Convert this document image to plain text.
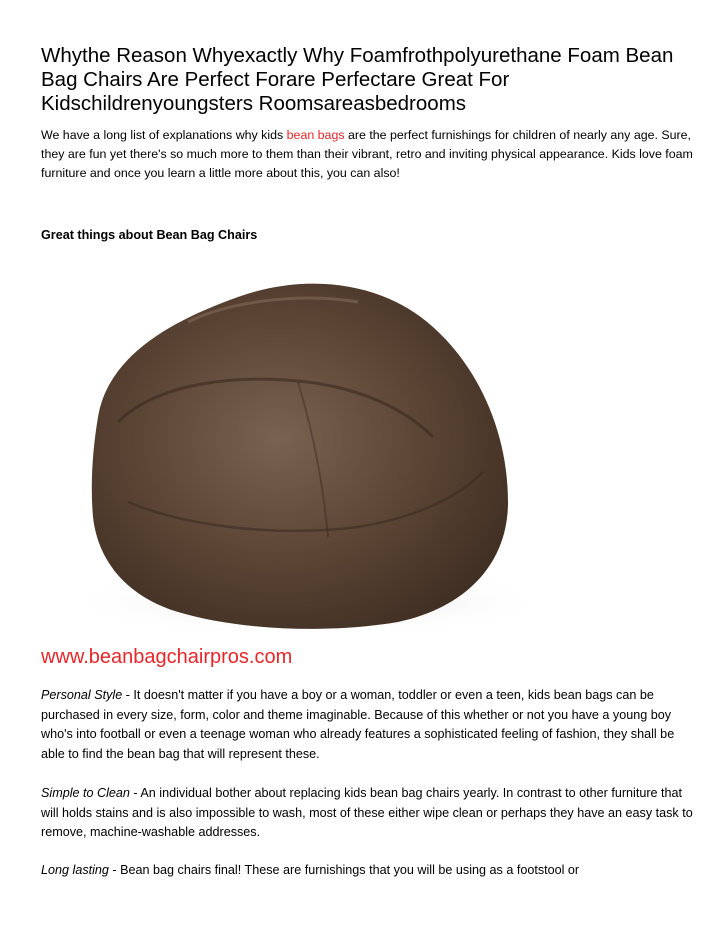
Whythe Reason Whyexactly Why Foamfrothpolyurethane Foam Bean Bag Chairs Are Perfect Forare Perfectare Great For Kidschildrenyoungsters Roomsareasbedrooms

We have a long list of explanations why kids bean bags are the perfect furnishings for children of nearly any age. Sure, they are fun yet there's so much more to them than their vibrant, retro and inviting physical appearance. Kids love foam furniture and once you learn a little more about this, you can also!

Great things about Bean Bag Chairs

www.beanbagchairpros.com

Personal Style - It doesn't matter if you have a boy or a woman, toddler or even a teen, kids bean bags can be purchased in every size, form, color and theme imaginable. Because of this whether or not you have a young boy who's into football or even a teenage woman who already features a sophisticated feeling of fashion, they shall be able to find the bean bag that will represent these.

Simple to Clean - An individual bother about replacing kids bean bag chairs yearly. In contrast to other furniture that will holds stains and is also impossible to wash, most of these either wipe clean or perhaps they have an easy task to remove, machine-washable addresses.

Long lasting - Bean bag chairs final! These are furnishings that you will be using as a footstool or
